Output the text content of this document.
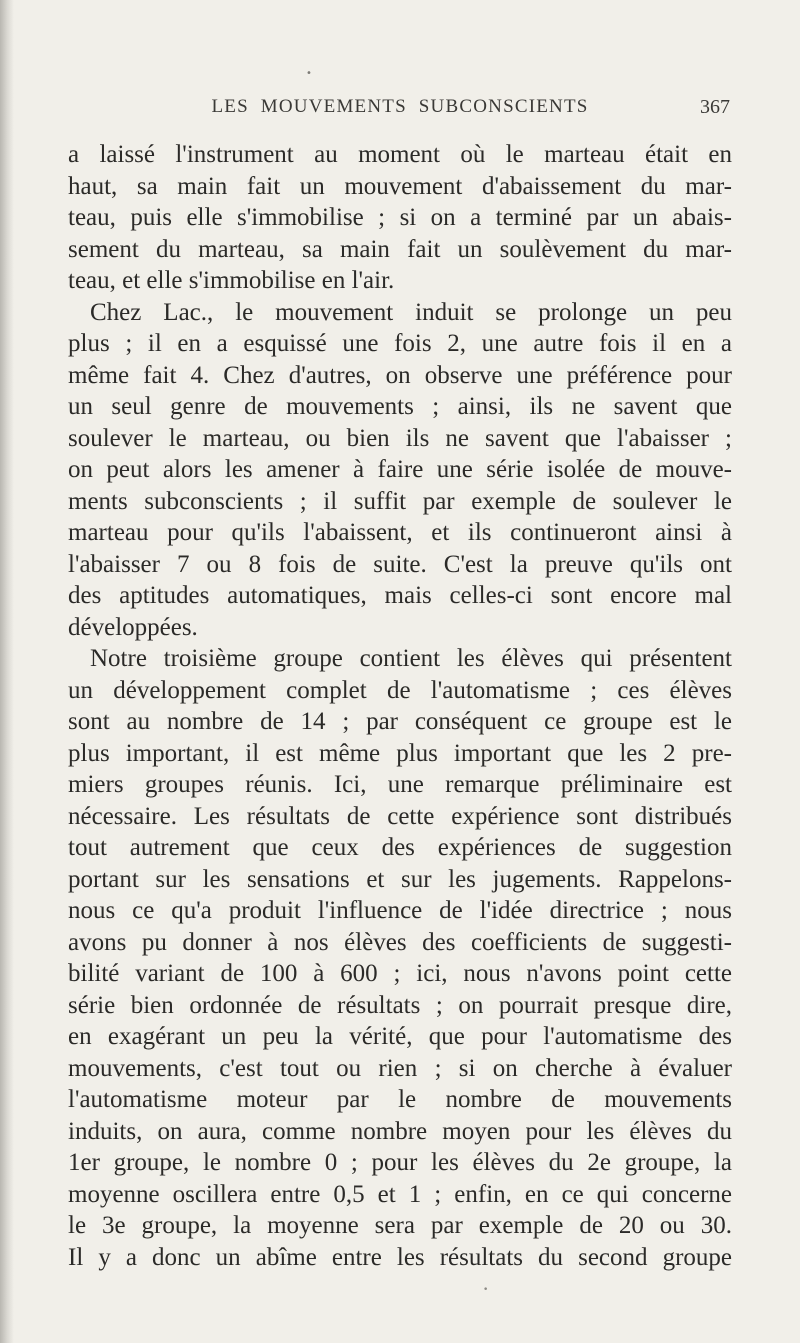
•
LES MOUVEMENTS SUBCONSCIENTS	367
a laissé l'instrument au moment où le marteau était en
haut, sa main fait un mouvement d'abaissement du mar-
teau, puis elle s'immobilise ; si on a terminé par un abais-
sement du marteau, sa main fait un soulèvement du mar-
teau, et elle s'immobilise en l'air.
Chez Lac., le mouvement induit se prolonge un peu
plus ; il en a esquissé une fois 2, une autre fois il en a
même fait 4. Chez d'autres, on observe une préférence pour
un seul genre de mouvements ; ainsi, ils ne savent que
soulever le marteau, ou bien ils ne savent que l'abaisser ;
on peut alors les amener à faire une série isolée de mouve-
ments subconscients ; il suffit par exemple de soulever le
marteau pour qu'ils l'abaissent, et ils continueront ainsi à
l'abaisser 7 ou 8 fois de suite. C'est la preuve qu'ils ont
des aptitudes automatiques, mais celles-ci sont encore mal
développées.
Notre troisième groupe contient les élèves qui présentent
un développement complet de l'automatisme ; ces élèves
sont au nombre de 14 ; par conséquent ce groupe est le
plus important, il est même plus important que les 2 pre-
miers groupes réunis. Ici, une remarque préliminaire est
nécessaire. Les résultats de cette expérience sont distribués
tout autrement que ceux des expériences de suggestion
portant sur les sensations et sur les jugements. Rappelons-
nous ce qu'a produit l'influence de l'idée directrice ; nous
avons pu donner à nos élèves des coefficients de suggesti-
bilité variant de 100 à 600 ; ici, nous n'avons point cette
série bien ordonnée de résultats ; on pourrait presque dire,
en exagérant un peu la vérité, que pour l'automatisme des
mouvements, c'est tout ou rien ; si on cherche à évaluer
l'automatisme moteur par le nombre de mouvements
induits, on aura, comme nombre moyen pour les élèves du
1er groupe, le nombre 0 ; pour les élèves du 2e groupe, la
moyenne oscillera entre 0,5 et 1 ; enfin, en ce qui concerne
le 3e groupe, la moyenne sera par exemple de 20 ou 30.
Il y a donc un abîme entre les résultats du second groupe
•
